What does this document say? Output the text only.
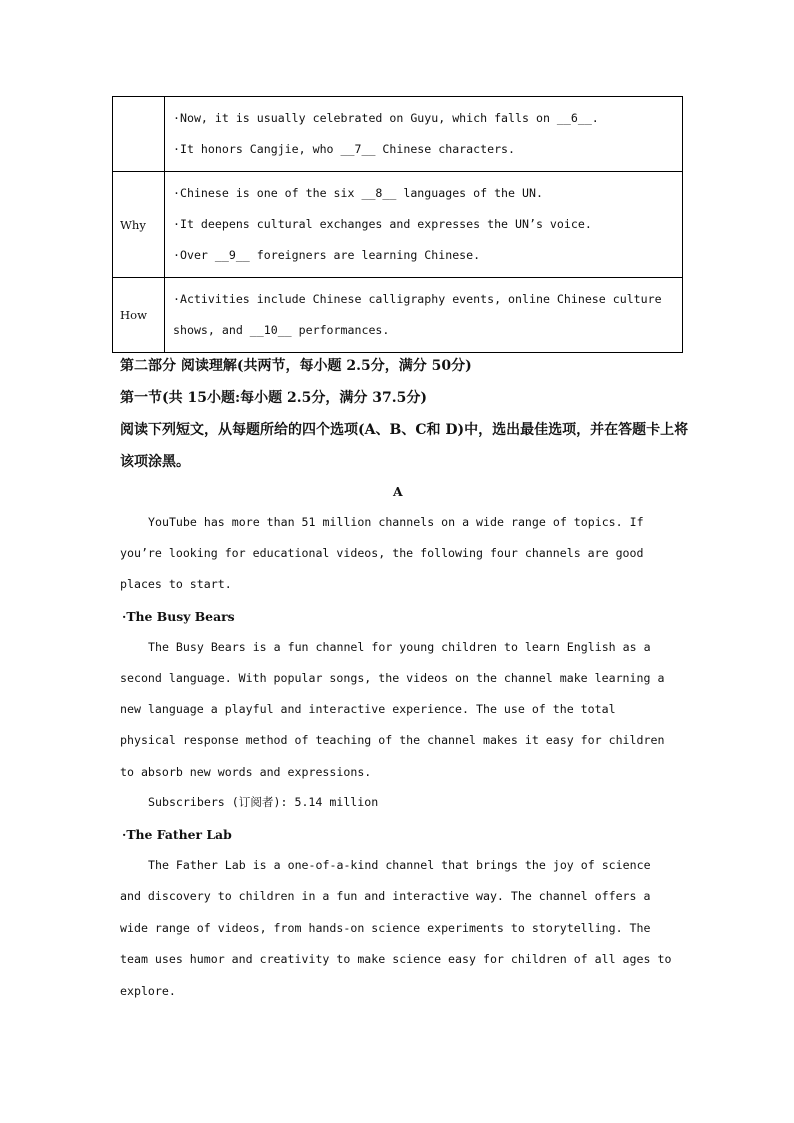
	·Now, it is usually celebrated on Guyu, which falls on __6__.
·It honors Cangjie, who __7__ Chinese characters.

Why	·Chinese is one of the six __8__ languages of the UN.
·It deepens cultural exchanges and expresses the UN’s voice.
·Over __9__ foreigners are learning Chinese.

How	·Activities include Chinese calligraphy events, online Chinese culture
shows, and __10__ performances.
第二部分 阅读理解(共两节，每小题 2.5分，满分 50分)
第一节(共 15小题:每小题 2.5分，满分 37.5分)
阅读下列短文，从每题所给的四个选项(A、B、C和 D)中，选出最佳选项，并在答题卡上将
该项涂黑。
A
YouTube has more than 51 million channels on a wide range of topics. If
you’re looking for educational videos, the following four channels are good
places to start.
·The Busy Bears
The Busy Bears is a fun channel for young children to learn English as a
second language. With popular songs, the videos on the channel make learning a
new language a playful and interactive experience. The use of the total
physical response method of teaching of the channel makes it easy for children
to absorb new words and expressions.
Subscribers (订阅者): 5.14 million
·The Father Lab
The Father Lab is a one-of-a-kind channel that brings the joy of science
and discovery to children in a fun and interactive way. The channel offers a
wide range of videos, from hands-on science experiments to storytelling. The
team uses humor and creativity to make science easy for children of all ages to
explore.
